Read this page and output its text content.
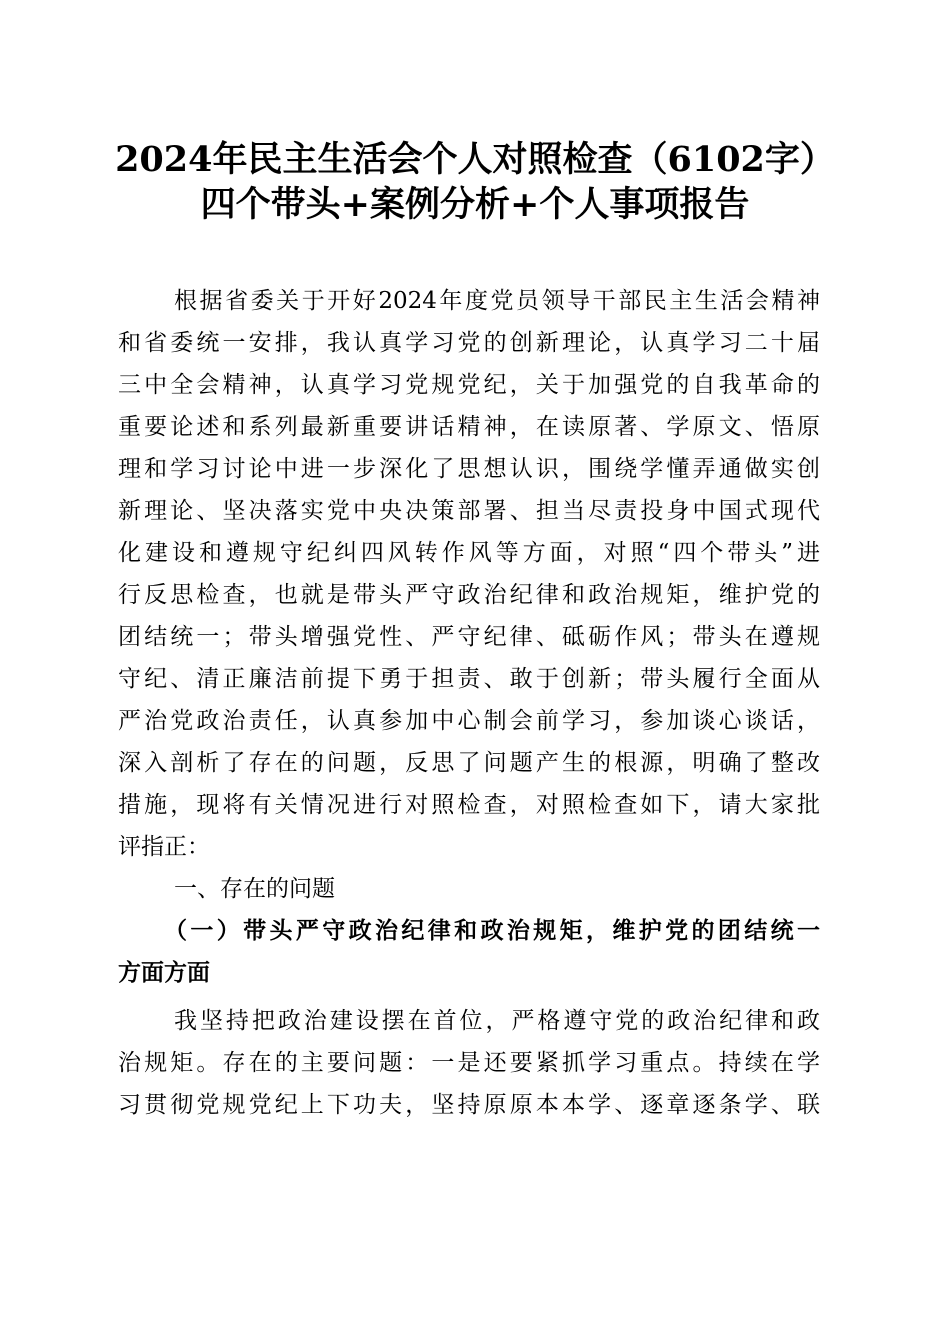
2024年民主生活会个人对照检查（6102字）
四个带头+案例分析+个人事项报告
根据省委关于开好2024年度党员领导干部民主生活会精神
和省委统一安排，我认真学习党的创新理论，认真学习二十届
三中全会精神，认真学习党规党纪，关于加强党的自我革命的
重要论述和系列最新重要讲话精神，在读原著、学原文、悟原
理和学习讨论中进一步深化了思想认识，围绕学懂弄通做实创
新理论、坚决落实党中央决策部署、担当尽责投身中国式现代
化建设和遵规守纪纠四风转作风等方面，对照“四个带头”进
行反思检查，也就是带头严守政治纪律和政治规矩，维护党的
团结统一；带头增强党性、严守纪律、砥砺作风；带头在遵规
守纪、清正廉洁前提下勇于担责、敢于创新；带头履行全面从
严治党政治责任，认真参加中心制会前学习，参加谈心谈话，
深入剖析了存在的问题，反思了问题产生的根源，明确了整改
措施，现将有关情况进行对照检查，对照检查如下，请大家批
评指正：
一、存在的问题
（一）带头严守政治纪律和政治规矩，维护党的团结统一
方面方面
我坚持把政治建设摆在首位，严格遵守党的政治纪律和政
治规矩。存在的主要问题：一是还要紧抓学习重点。持续在学
习贯彻党规党纪上下功夫，坚持原原本本学、逐章逐条学、联
